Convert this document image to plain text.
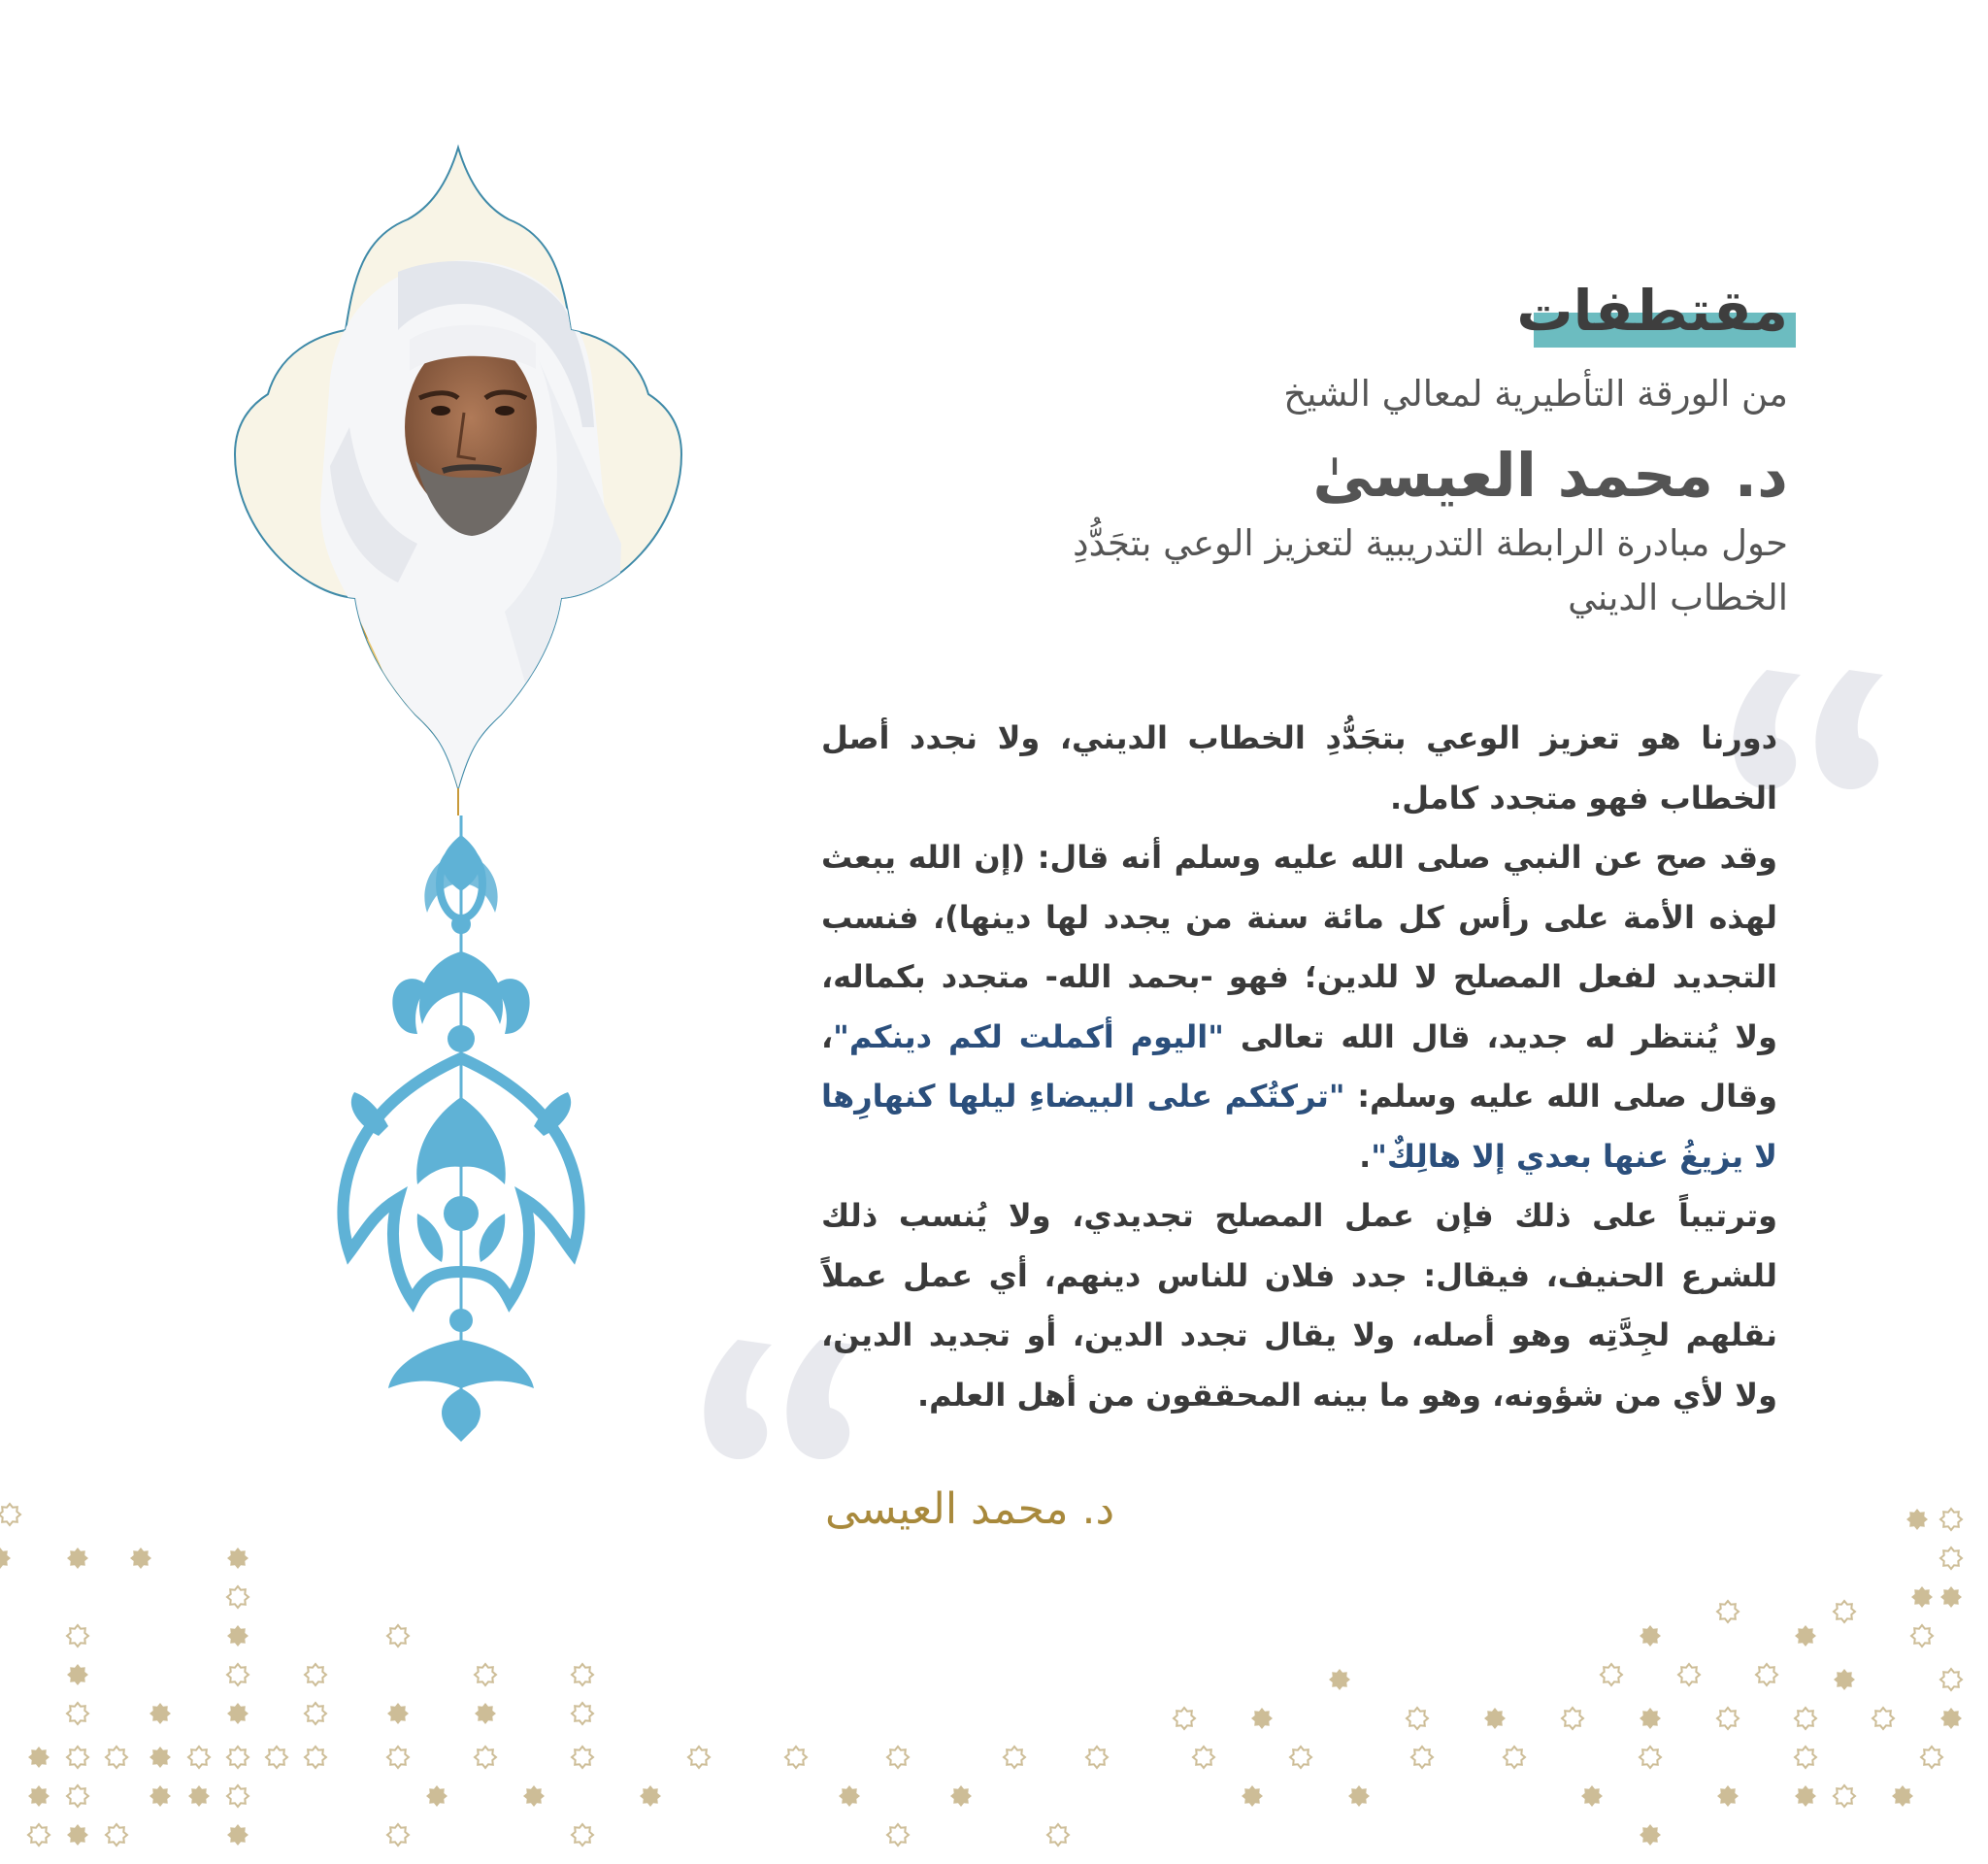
مقتطفات
من الورقة التأطيرية لمعالي الشيخ
د. محمد العيسىٰ
حول مبادرة الرابطة التدريبية لتعزيز الوعي بتجَدُّدِ الخطاب الديني

دورنا هو تعزيز الوعي بتجَدُّدِ الخطاب الديني، ولا نجدد أصل الخطاب فهو متجدد كامل.

وقد صح عن النبي صلى الله عليه وسلم أنه قال: (إن الله يبعث لهذه الأمة على رأس كل مائة سنة من يجدد لها دينها)، فنسب التجديد لفعل المصلح لا للدين؛ فهو -بحمد الله- متجدد بكماله، ولا يُنتظر له جديد، قال الله تعالى "اليوم أكملت لكم دينكم"، وقال صلى الله عليه وسلم: "تركتُكم على البيضاءِ ليلها كنهارِها لا يزيغُ عنها بعدي إلا هالِكٌ".

وترتيباً على ذلك فإن عمل المصلح تجديدي، ولا يُنسب ذلك للشرع الحنيف، فيقال: جدد فلان للناس دينهم، أي عمل عملاً نقلهم لجِدَّتِه وهو أصله، ولا يقال تجدد الدين، أو تجديد الدين، ولا لأي من شؤونه، وهو ما بينه المحققون من أهل العلم.

د. محمد العيسى
